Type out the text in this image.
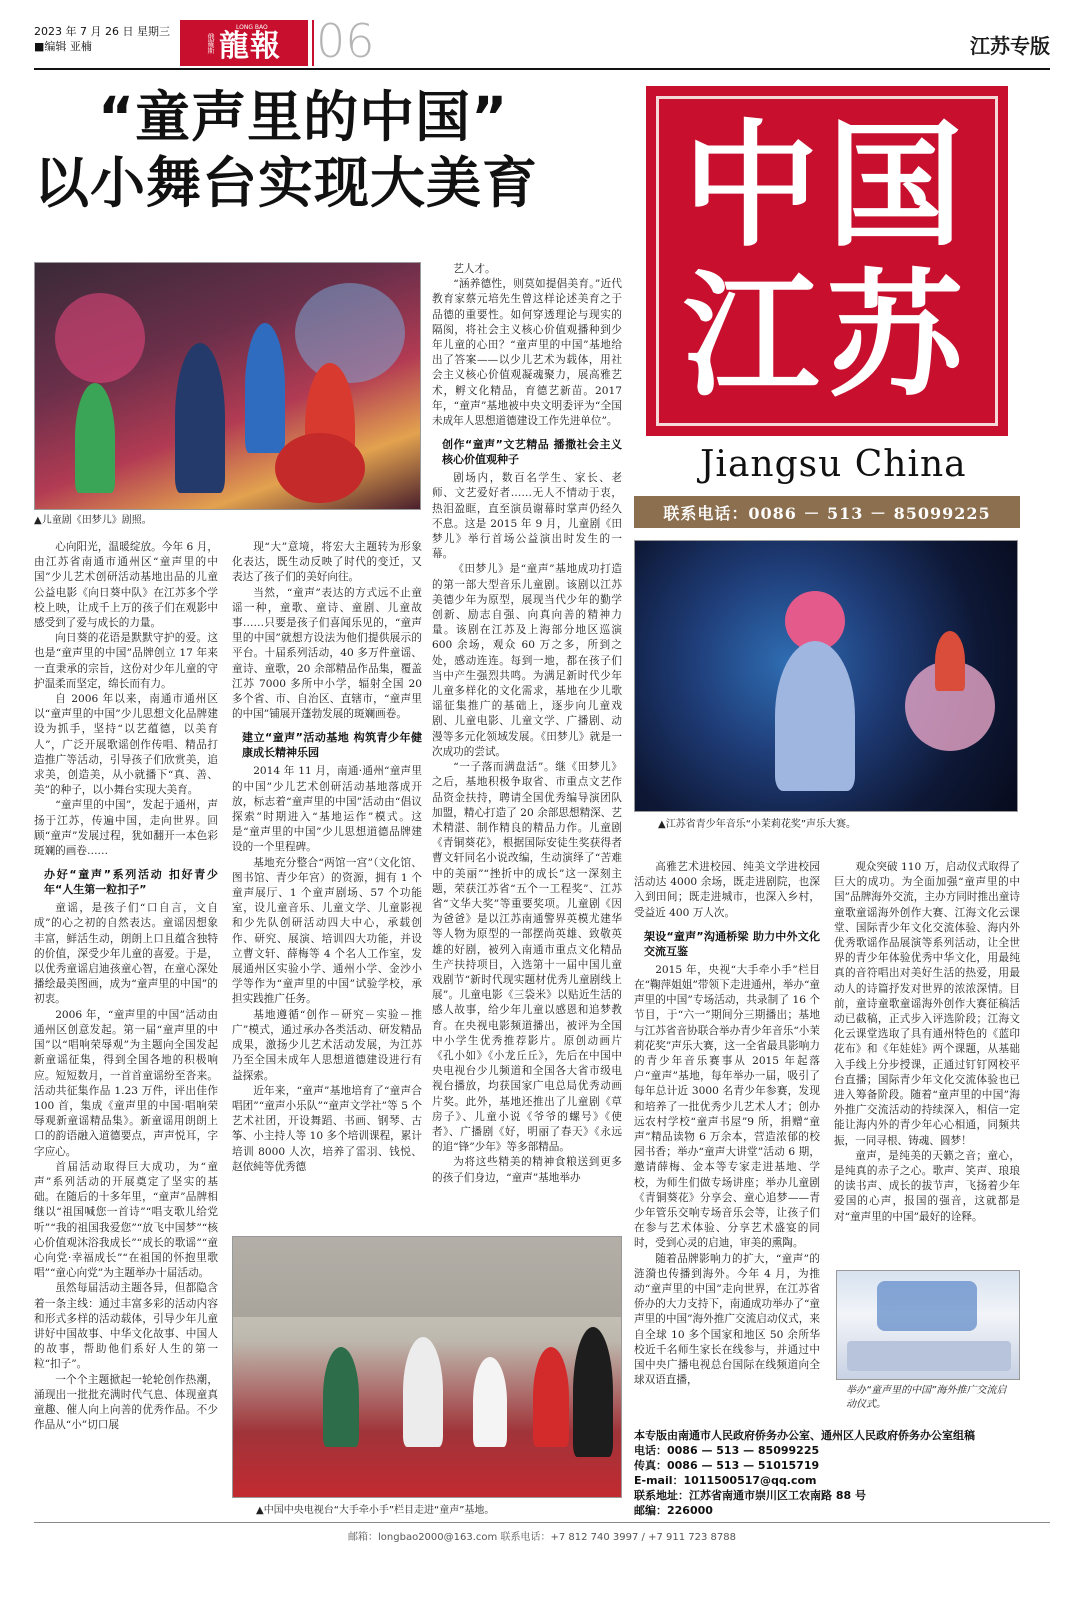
2023 年 7 月 26 日 星期三
■编辑 亚楠	俄羅斯
LONG BAO
龍報 06	江苏专版
“童声里的中国”
以小舞台实现大美育
▲儿童剧《田梦儿》剧照。
中国
江苏
Jiangsu China
联系电话：0086 － 513 － 85099225
▲江苏省青少年音乐“小茉莉花奖”声乐大赛。

心向阳光，温暖绽放。今年 6 月，由江苏省南通市通州区“童声里的中国”少儿艺术创研活动基地出品的儿童公益电影《向日葵中队》在江苏多个学校上映，让成千上万的孩子们在观影中感受到了爱与成长的力量。

向日葵的花语是默默守护的爱。这也是“童声里的中国”品牌创立 17 年来一直秉承的宗旨，这份对少年儿童的守护温柔而坚定，绵长而有力。

自 2006 年以来，南通市通州区以“童声里的中国”少儿思想文化品牌建设为抓手，坚持“以艺蕴德，以美育人”，广泛开展歌谣创作传唱、精品打造推广等活动，引导孩子们欣赏美，追求美，创造美，从小就播下“真、善、美”的种子，以小舞台实现大美育。

“童声里的中国”，发起于通州，声扬于江苏，传遍中国，走向世界。回顾“童声”发展过程，犹如翻开一本色彩斑斓的画卷……

办好“童声”系列活动 扣好青少年“人生第一粒扣子”

童谣，是孩子们“口自言，文自成”的心之初的自然表达。童谣因想象丰富，鲜活生动，朗朗上口且蕴含独特的价值，深受少年儿童的喜爱。于是，以优秀童谣启迪孩童心智，在童心深处播绘最美图画，成为“童声里的中国”的初衷。

2006 年，“童声里的中国”活动由通州区创意发起。第一届“童声里的中国”以“唱响荣辱观”为主题向全国发起新童谣征集，得到全国各地的积极响应。短短数月，一首首童谣纷至沓来。活动共征集作品 1.23 万件，评出佳作 100 首，集成《童声里的中国·唱响荣辱观新童谣精品集》。新童谣用朗朗上口的韵语融入道德要点，声声悦耳，字字应心。

首届活动取得巨大成功，为“童声”系列活动的开展奠定了坚实的基础。在随后的十多年里，“童声”品牌相继以“祖国喊您一首诗”“唱支歌儿给党听”“我的祖国我爱您”“放飞中国梦”“核心价值观沐浴我成长”“成长的歌谣”“童心向党·幸福成长”“在祖国的怀抱里歌唱”“童心向党”为主题举办十届活动。

虽然每届活动主题各异，但都隐含着一条主线：通过丰富多彩的活动内容和形式多样的活动载体，引导少年儿童讲好中国故事、中华文化故事、中国人的故事，帮助他们系好人生的第一粒“扣子”。

一个个主题掀起一轮轮创作热潮，涌现出一批批充满时代气息、体现童真童趣、催人向上向善的优秀作品。不少作品从“小”切口展

现“大”意境，将宏大主题转为形象化表达，既生动反映了时代的变迁，又表达了孩子们的美好向往。

当然，“童声”表达的方式远不止童谣一种，童歌、童诗、童剧、儿童故事……只要是孩子们喜闻乐见的，“童声里的中国”就想方设法为他们提供展示的平台。十届系列活动，40 多万件童谣、童诗、童歌，20 余部精品作品集，覆盖江苏 7000 多所中小学，辐射全国 20 多个省、市、自治区、直辖市，“童声里的中国”铺展开蓬勃发展的斑斓画卷。

建立“童声”活动基地 构筑青少年健康成长精神乐园

2014 年 11 月，南通·通州“童声里的中国”少儿艺术创研活动基地落成开放，标志着“童声里的中国”活动由“倡议探索”时期进入“基地运作”模式。这是“童声里的中国”少儿思想道德品牌建设的一个里程碑。

基地充分整合“两馆一宫”（文化馆、图书馆、青少年宫）的资源，拥有 1 个童声展厅、1 个童声剧场、57 个功能室，设儿童音乐、儿童文学、儿童影视和少先队创研活动四大中心，承载创作、研究、展演、培训四大功能，并设立曹文轩、薛梅等 4 个名人工作室，发展通州区实验小学、通州小学、金沙小学等作为“童声里的中国”试验学校，承担实践推广任务。

基地遵循“创作－研究－实验－推广”模式，通过承办各类活动、研发精品成果，激扬少儿艺术活动发展，为江苏乃至全国未成年人思想道德建设进行有益探索。

近年来，“童声”基地培育了“童声合唱团”“童声小乐队”“童声文学社”等 5 个艺术社团，开设舞蹈、书画、钢琴、古筝、小主持人等 10 多个培训课程，累计培训 8000 人次，培养了雷羽、钱悦、赵依純等优秀德

艺人才。

“涵养德性，则莫如提倡美育。”近代教育家蔡元培先生曾这样论述美育之于品德的重要性。如何穿透理论与现实的隔阂，将社会主义核心价值观播种到少年儿童的心田？“童声里的中国”基地给出了答案——以少儿艺术为载体，用社会主义核心价值观凝魂聚力，展高雅艺术，孵文化精品，育德艺新苗。2017 年，“童声”基地被中央文明委评为“全国未成年人思想道德建设工作先进单位”。

创作“童声”文艺精品 播撒社会主义核心价值观种子

剧场内，数百名学生、家长、老师、文艺爱好者……无人不情动于衷，热泪盈眶，直至演员谢幕时掌声仍经久不息。这是 2015 年 9 月，儿童剧《田梦儿》举行首场公益演出时发生的一幕。

《田梦儿》是“童声”基地成功打造的第一部大型音乐儿童剧。该剧以江苏美德少年为原型，展现当代少年的勤学创新、励志自强、向真向善的精神力量。该剧在江苏及上海部分地区巡演 600 余场，观众 60 万之多，所到之处，感动连连。每到一地，都在孩子们当中产生强烈共鸣。为满足新时代少年儿童多样化的文化需求，基地在少儿歌谣征集推广的基础上，逐步向儿童戏剧、儿童电影、儿童文学、广播剧、动漫等多元化领域发展。《田梦儿》就是一次成功的尝试。

“一子落而满盘活”。继《田梦儿》之后，基地积极争取省、市重点文艺作品资金扶持，聘请全国优秀编导演团队加盟，精心打造了 20 余部思想精深、艺术精湛、制作精良的精品力作。儿童剧《青铜葵花》，根据国际安徒生奖获得者曹文轩同名小说改编，生动演绎了“苦难中的美丽”“挫折中的成长”这一深刻主题，荣获江苏省“五个一工程奖”、江苏省“文华大奖”等重要奖项。儿童剧《因为爸爸》是以江苏南通警界英模尤建华等人物为原型的一部摆尚英雄、致敬英雄的好剧，被列入南通市重点文化精品生产扶持项目，入选第十一届中国儿童戏剧节“新时代现实题材优秀儿童剧线上展”。儿童电影《三袋米》以贴近生活的感人故事，给少年儿童以感恩和追梦教育。在央视电影频道播出，被评为全国中小学生优秀推荐影片。原创动画片《孔小如》《小龙丘丘》，先后在中国中央电视台少儿频道和全国各大省市级电视台播放，均获国家广电总局优秀动画片奖。此外，基地还推出了儿童剧《草房子》、儿童小说《爷爷的螺号》《使者》、广播剧《好，明丽了春天》《永远的追“锋”少年》等多部精品。

为将这些精美的精神食粮送到更多的孩子们身边，“童声”基地举办

高雅艺术进校园、纯美文学进校园活动达 4000 余场，既走进剧院，也深入到田间；既走进城市，也深入乡村，受益近 400 万人次。

架设“童声”沟通桥梁 助力中外文化交流互鉴

2015 年，央视“大手牵小手”栏目在“鞠萍姐姐”带领下走进通州，举办“童声里的中国”专场活动，共录制了 16 个节目，于“六一”期间分三期播出；基地与江苏省音协联合举办青少年音乐“小茉莉花奖”声乐大赛，这一全省最具影响力的青少年音乐赛事从 2015 年起落户“童声”基地，每年举办一届，吸引了每年总计近 3000 名青少年参赛，发现和培养了一批优秀少儿艺术人才；创办远农村学校“童声书屋”9 所，捐赠“童声”精品读物 6 万余本，营造浓郁的校园书香；举办“童声大讲堂”活动 6 期，邀请薛梅、金本等专家走进基地、学校，为师生们做专场讲座；举办儿童剧《青铜葵花》分享会、童心追梦——青少年管乐交响专场音乐会等，让孩子们在参与艺术体验、分享艺术盛宴的同时，受到心灵的启迪，审美的熏陶。

随着品牌影响力的扩大，“童声”的涟漪也传播到海外。今年 4 月，为推动“童声里的中国”走向世界，在江苏省侨办的大力支持下，南通成功举办了“童声里的中国”海外推广交流启动仪式，来自全球 10 多个国家和地区 50 余所华校近千名师生家长在线参与，并通过中国中央广播电视总台国际在线频道向全球双语直播，

观众突破 110 万，启动仪式取得了巨大的成功。为全面加强“童声里的中国”品牌海外交流，主办方同时推出童诗童歌童谣海外创作大赛、江海文化云课堂、国际青少年文化交流体验、海内外优秀歌谣作品展演等系列活动，让全世界的青少年体验优秀中华文化，用最纯真的音符唱出对美好生活的热爱，用最动人的诗篇抒发对世界的浓浓深情。目前，童诗童歌童谣海外创作大赛征稿活动已截稿，正式步入评选阶段；江海文化云课堂选取了具有通州特色的《蓝印花布》和《年娃娃》两个课题，从基础入手线上分步授课，正通过钉钉网校平台直播；国际青少年文化交流体验也已进入筹备阶段。随着“童声里的中国”海外推广交流活动的持续深入，相信一定能让海内外的青少年心心相通，同频共振，一同寻根、铸魂、圆梦！

童声，是纯美的天籁之音；童心，是纯真的赤子之心。歌声、笑声、琅琅的读书声、成长的拔节声，飞扬着少年爱国的心声，报国的强音，这就都是对“童声里的中国”最好的诠释。

▲中国中央电视台“大手牵小手”栏目走进“童声”基地。
举办“童声里的中国”海外推广交流启动仪式。
本专版由南通市人民政府侨务办公室、通州区人民政府侨务办公室组稿
电话：0086 — 513 — 85099225
传真：0086 — 513 — 51015719
E-mail：1011500517@qq.com
联系地址：江苏省南通市崇川区工农南路 88 号
邮编：226000
邮箱：longbao2000@163.com 联系电话：+7 812 740 3997 / +7 911 723 8788
